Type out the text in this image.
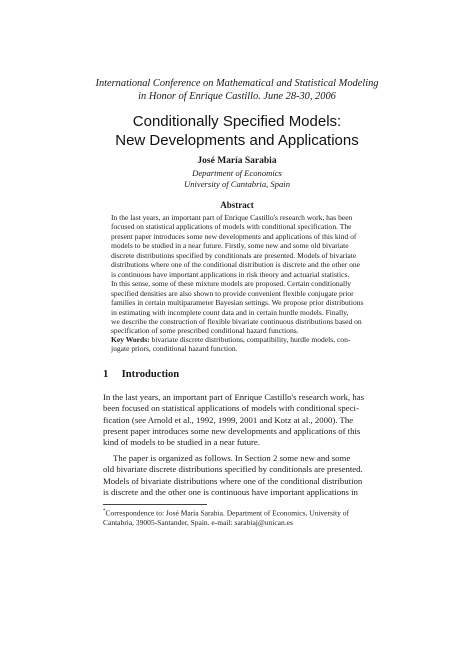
International Conference on Mathematical and Statistical Modeling
in Honor of Enrique Castillo. June 28-30, 2006
Conditionally Specified Models:
New Developments and Applications
José María Sarabia
Department of Economics
University of Cantabria, Spain
Abstract
In the last years, an important part of Enrique Castillo's research work, has been
focused on statistical applications of models with conditional specification. The
present paper introduces some new developments and applications of this kind of
models to be studied in a near future. Firstly, some new and some old bivariate
discrete distributions specified by conditionals are presented. Models of bivariate
distributions where one of the conditional distribution is discrete and the other one
is continuous have important applications in risk theory and actuarial statistics.
In this sense, some of these mixture models are proposed. Certain conditionally
specified densities are also shown to provide convenient flexible conjugate prior
families in certain multiparameter Bayesian settings. We propose prior distributions
in estimating with incomplete count data and in certain hurdle models. Finally,
we describe the construction of flexible bivariate continuous distributions based on
specification of some prescribed conditional hazard functions.
Key Words: bivariate discrete distributions, compatibility, hurdle models, con-
jugate priors, conditional hazard function.
1 Introduction
In the last years, an important part of Enrique Castillo's research work, has
been focused on statistical applications of models with conditional speci-
fication (see Arnold et al., 1992, 1999, 2001 and Kotz at al., 2000). The
present paper introduces some new developments and applications of this
kind of models to be studied in a near future.
The paper is organized as follows. In Section 2 some new and some
old bivariate discrete distributions specified by conditionals are presented.
Models of bivariate distributions where one of the conditional distribution
is discrete and the other one is continuous have important applications in
*Correspondence to: José María Sarabia. Department of Economics, University of
Cantabria, 39005-Santander, Spain. e-mail: sarabiaj@unican.es
